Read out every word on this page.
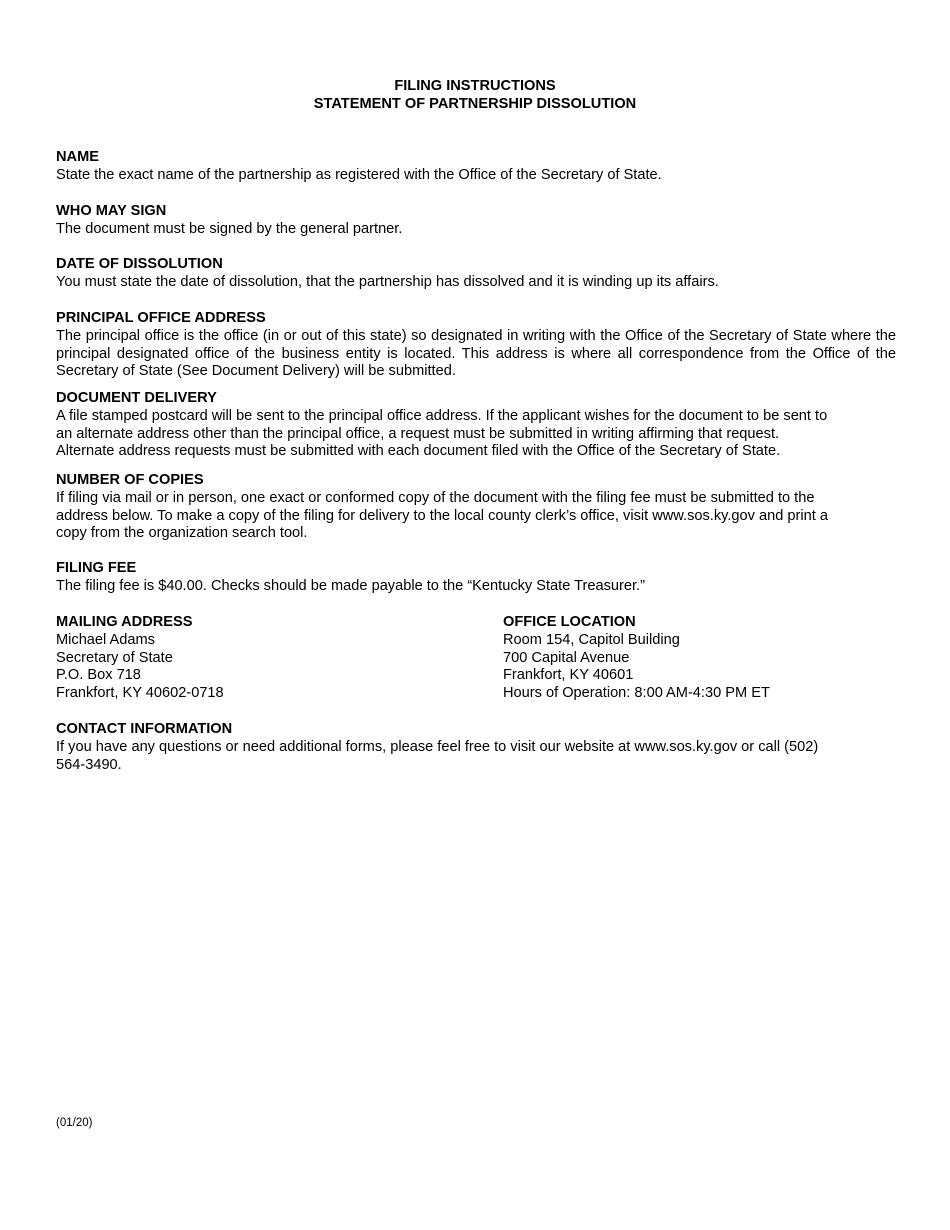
FILING INSTRUCTIONS
STATEMENT OF PARTNERSHIP DISSOLUTION
NAME
State the exact name of the partnership as registered with the Office of the Secretary of State.
WHO MAY SIGN
The document must be signed by the general partner.
DATE OF DISSOLUTION
You must state the date of dissolution, that the partnership has dissolved and it is winding up its affairs.
PRINCIPAL OFFICE ADDRESS
The principal office is the office (in or out of this state) so designated in writing with the Office of the Secretary of State where the principal designated office of the business entity is located. This address is where all correspondence from the Office of the Secretary of State (See Document Delivery) will be submitted.
DOCUMENT DELIVERY
A file stamped postcard will be sent to the principal office address. If the applicant wishes for the document to be sent to
an alternate address other than the principal office, a request must be submitted in writing affirming that request.
Alternate address requests must be submitted with each document filed with the Office of the Secretary of State.
NUMBER OF COPIES
If filing via mail or in person, one exact or conformed copy of the document with the filing fee must be submitted to the
address below. To make a copy of the filing for delivery to the local county clerk’s office, visit www.sos.ky.gov and print a
copy from the organization search tool.
FILING FEE
The filing fee is $40.00. Checks should be made payable to the “Kentucky State Treasurer.”
MAILING ADDRESS
Michael Adams
Secretary of State
P.O. Box 718
Frankfort, KY 40602-0718
OFFICE LOCATION
Room 154, Capitol Building
700 Capital Avenue
Frankfort, KY 40601
Hours of Operation: 8:00 AM-4:30 PM ET
CONTACT INFORMATION
If you have any questions or need additional forms, please feel free to visit our website at www.sos.ky.gov or call (502)
564-3490.
(01/20)
